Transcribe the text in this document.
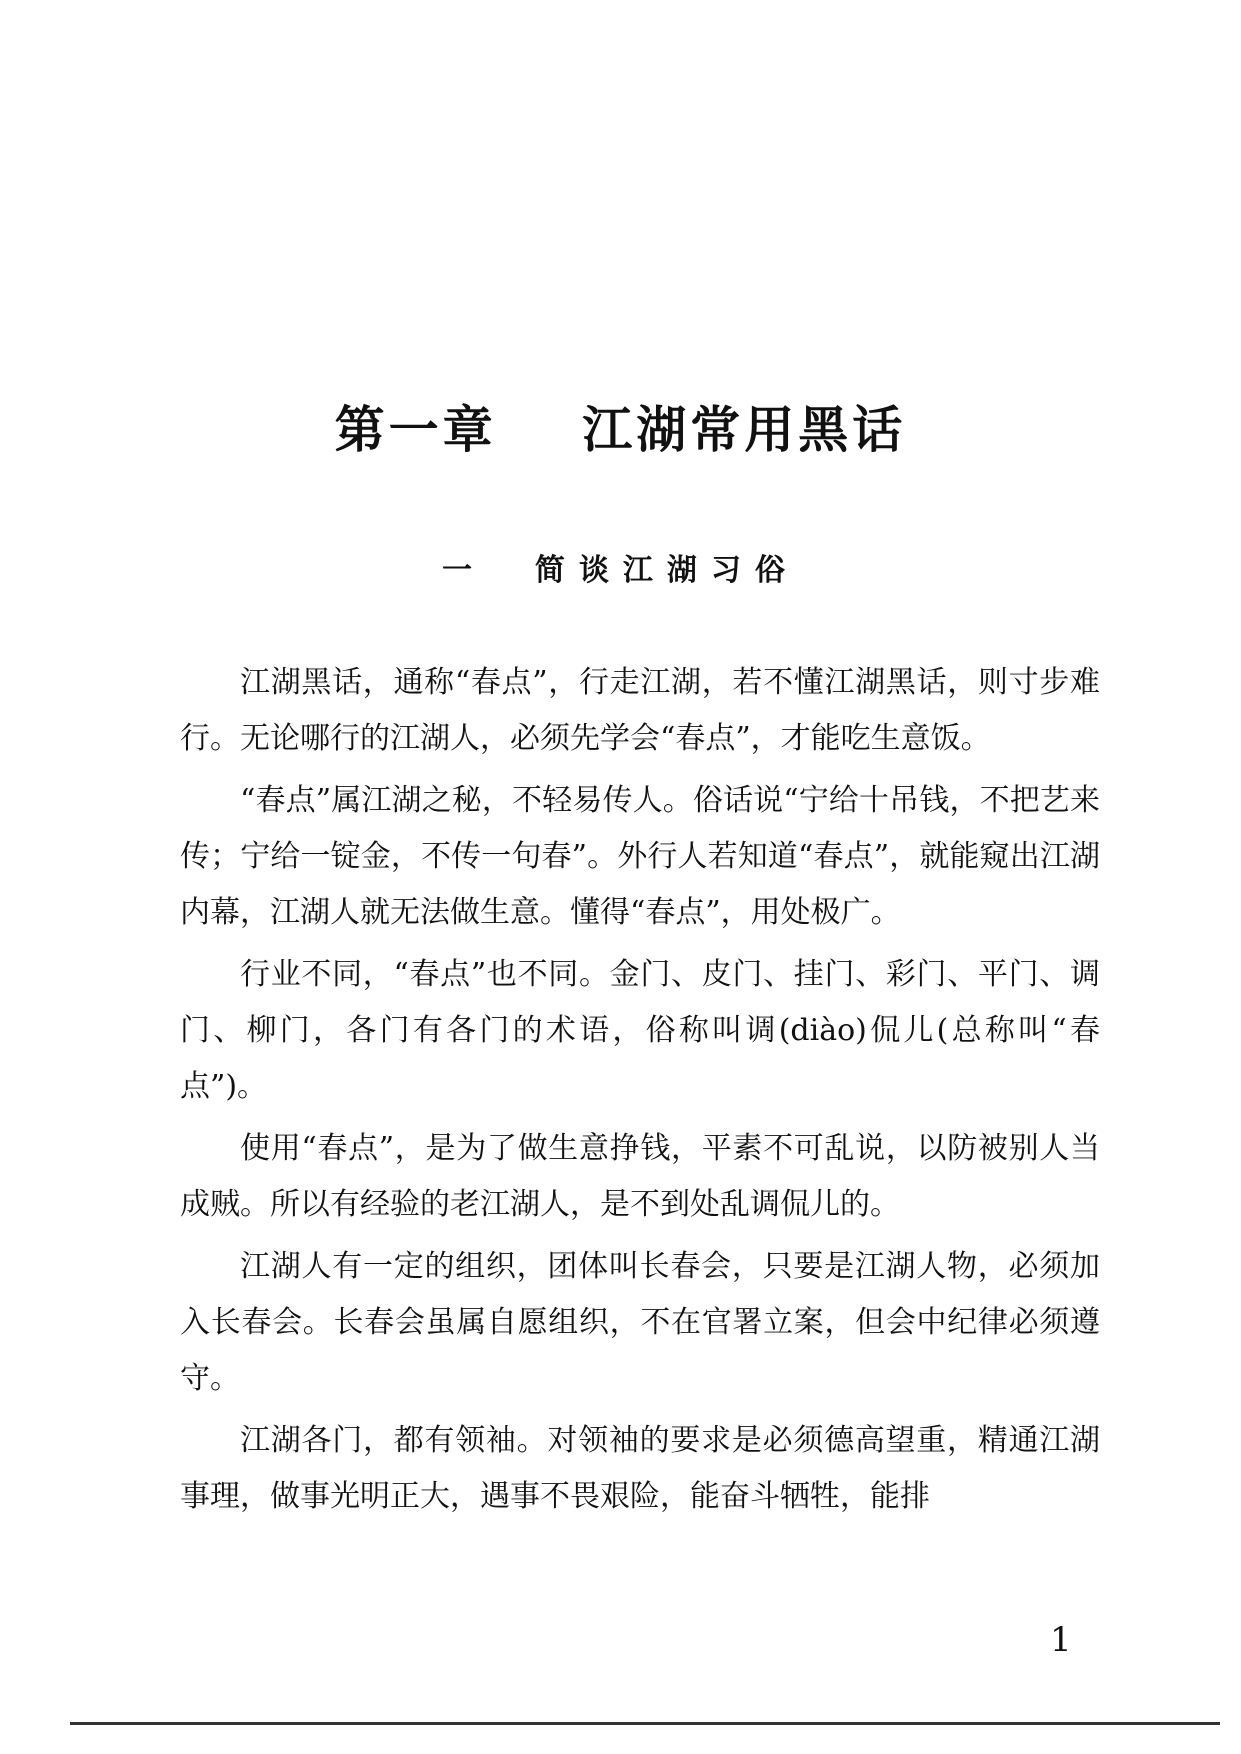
第一章    江湖常用黑话
一  简谈江湖习俗

江湖黑话，通称“春点”，行走江湖，若不懂江湖黑话，则寸步难行。无论哪行的江湖人，必须先学会“春点”，才能吃生意饭。

“春点”属江湖之秘，不轻易传人。俗话说“宁给十吊钱，不把艺来传；宁给一锭金，不传一句春”。外行人若知道“春点”，就能窥出江湖内幕，江湖人就无法做生意。懂得“春点”，用处极广。

行业不同，“春点”也不同。金门、皮门、挂门、彩门、平门、调门、柳门，各门有各门的术语，俗称叫调(diào)侃儿(总称叫“春点”)。

使用“春点”，是为了做生意挣钱，平素不可乱说，以防被别人当成贼。所以有经验的老江湖人，是不到处乱调侃儿的。

江湖人有一定的组织，团体叫长春会，只要是江湖人物，必须加入长春会。长春会虽属自愿组织，不在官署立案，但会中纪律必须遵守。

江湖各门，都有领袖。对领袖的要求是必须德高望重，精通江湖事理，做事光明正大，遇事不畏艰险，能奋斗牺牲，能排

1
